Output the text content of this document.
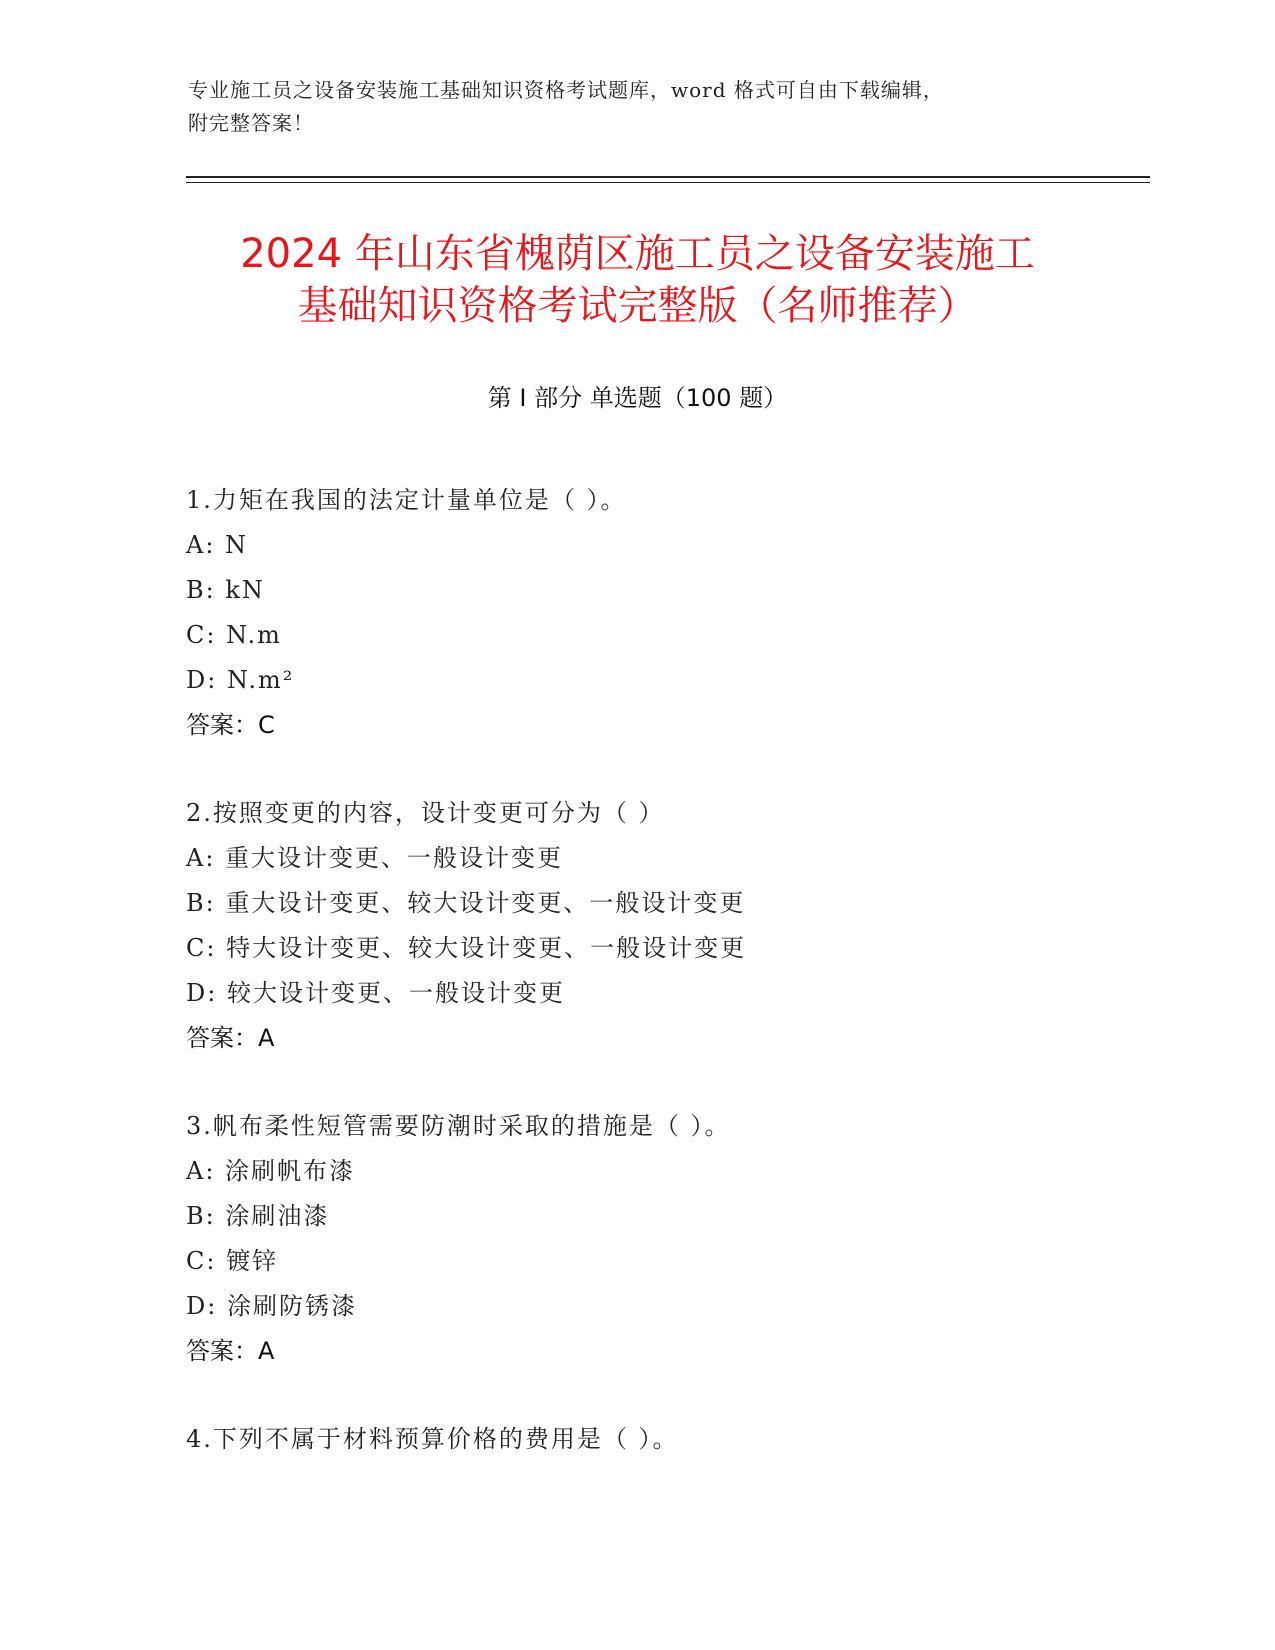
专业施工员之设备安装施工基础知识资格考试题库，word 格式可自由下载编辑，
附完整答案！
2024 年山东省槐荫区施工员之设备安装施工
基础知识资格考试完整版（名师推荐）
第 I 部分 单选题（100 题）
1.力矩在我国的法定计量单位是（ ）。
A: N
B: kN
C: N.m
D: N.m²
答案：C
2.按照变更的内容，设计变更可分为（ ）
A: 重大设计变更、一般设计变更
B: 重大设计变更、较大设计变更、一般设计变更
C: 特大设计变更、较大设计变更、一般设计变更
D: 较大设计变更、一般设计变更
答案：A
3.帆布柔性短管需要防潮时采取的措施是（ ）。
A: 涂刷帆布漆
B: 涂刷油漆
C: 镀锌
D: 涂刷防锈漆
答案：A
4.下列不属于材料预算价格的费用是（ ）。
